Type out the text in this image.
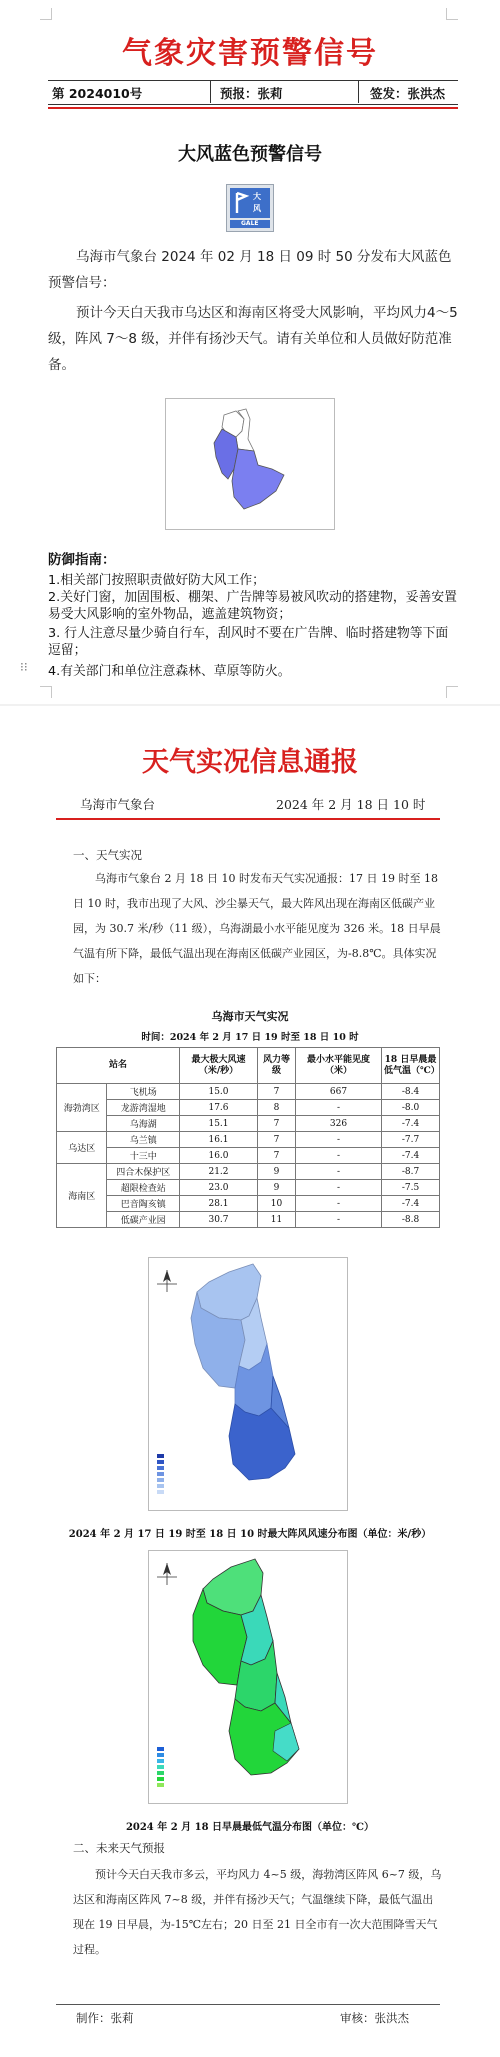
气象灾害预警信号
第 2024010号	预报：张莉	签发：张洪杰
大风蓝色预警信号
大
风
GALE
乌海市气象台 2024 年 02 月 18 日 09 时 50 分发布大风蓝色预警信号：
预计今天白天我市乌达区和海南区将受大风影响，平均风力4～5级，阵风 7～8 级，并伴有扬沙天气。请有关单位和人员做好防范准备。
防御指南：
1.相关部门按照职责做好防大风工作；
2.关好门窗，加固围板、棚架、广告牌等易被风吹动的搭建物，妥善安置易受大风影响的室外物品，遮盖建筑物资；
3. 行人注意尽量少骑自行车，刮风时不要在广告牌、临时搭建物等下面逗留；
4.有关部门和单位注意森林、草原等防火。
⁝⁝
天气实况信息通报
乌海市气象台	2024 年 2 月 18 日 10 时
一、天气实况
乌海市气象台 2 月 18 日 10 时发布天气实况通报：17 日 19 时至 18 日 10 时，我市出现了大风、沙尘暴天气，最大阵风出现在海南区低碳产业园，为 30.7 米/秒（11 级），乌海湖最小水平能见度为 326 米。18 日早晨气温有所下降，最低气温出现在海南区低碳产业园区，为-8.8℃。具体实况如下：
乌海市天气实况
时间：2024 年 2 月 17 日 19 时至 18 日 10 时
站名		最大极大风速（米/秒）	风力等级	最小水平能见度（米）	18 日早晨最低气温（℃）
海勃湾区	飞机场	15.0	7	667	-8.4
	龙游湾湿地	17.6	8	-	-8.0
	乌海湖	15.1	7	326	-7.4
乌达区	乌兰镇	16.1	7	-	-7.7
	十三中	16.0	7	-	-7.4
海南区	四合木保护区	21.2	9	-	-8.7
	超限检查站	23.0	9	-	-7.5
	巴音陶亥镇	28.1	10	-	-7.4
	低碳产业园	30.7	11	-	-8.8
2024 年 2 月 17 日 19 时至 18 日 10 时最大阵风风速分布图（单位：米/秒）
2024 年 2 月 18 日早晨最低气温分布图（单位：℃）
二、未来天气预报
预计今天白天我市多云，平均风力 4~5 级，海勃湾区阵风 6~7 级，乌达区和海南区阵风 7~8 级，并伴有扬沙天气；气温继续下降，最低气温出现在 19 日早晨，为-15℃左右；20 日至 21 日全市有一次大范围降雪天气过程。
制作：张莉	审核：张洪杰
